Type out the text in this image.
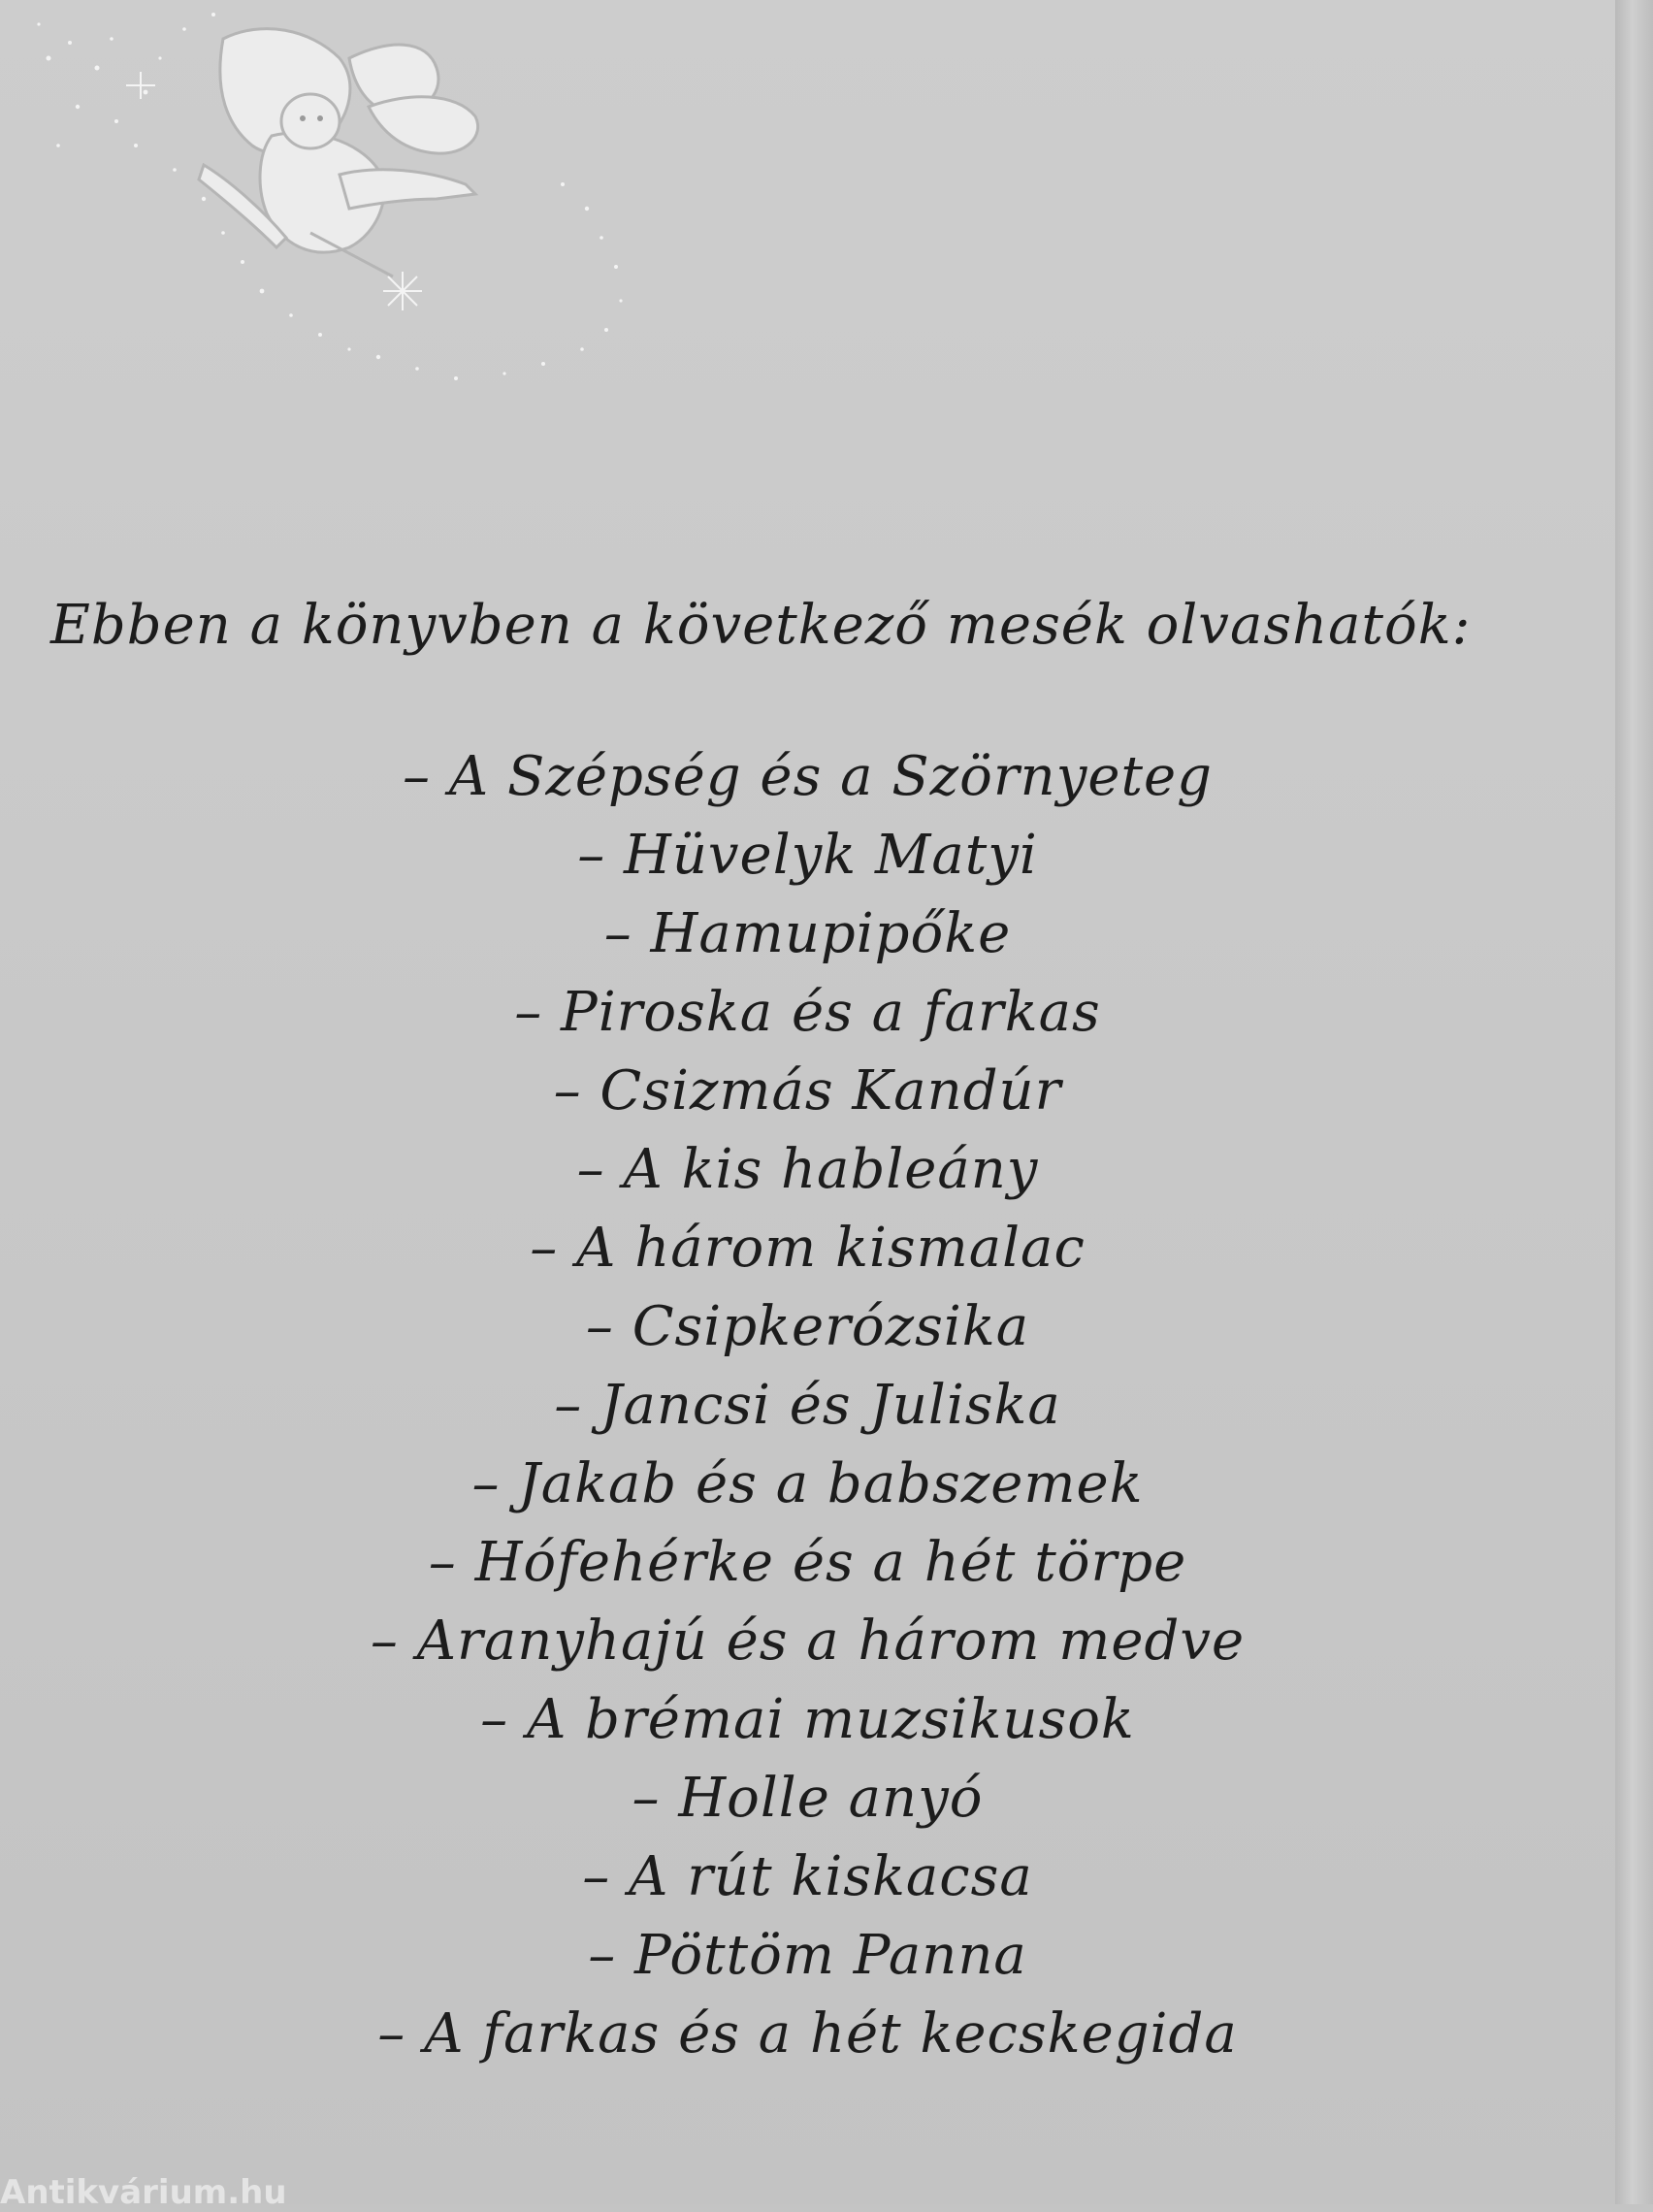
Ebben a könyvben a következő mesék olvashatók:
– A Szépség és a Szörnyeteg
– Hüvelyk Matyi
– Hamupipőke
– Piroska és a farkas
– Csizmás Kandúr
– A kis hableány
– A három kismalac
– Csipkerózsika
– Jancsi és Juliska
– Jakab és a babszemek
– Hófehérke és a hét törpe
– Aranyhajú és a három medve
– A brémai muzsikusok
– Holle anyó
– A rút kiskacsa
– Pöttöm Panna
– A farkas és a hét kecskegida
Antikvárium.hu
